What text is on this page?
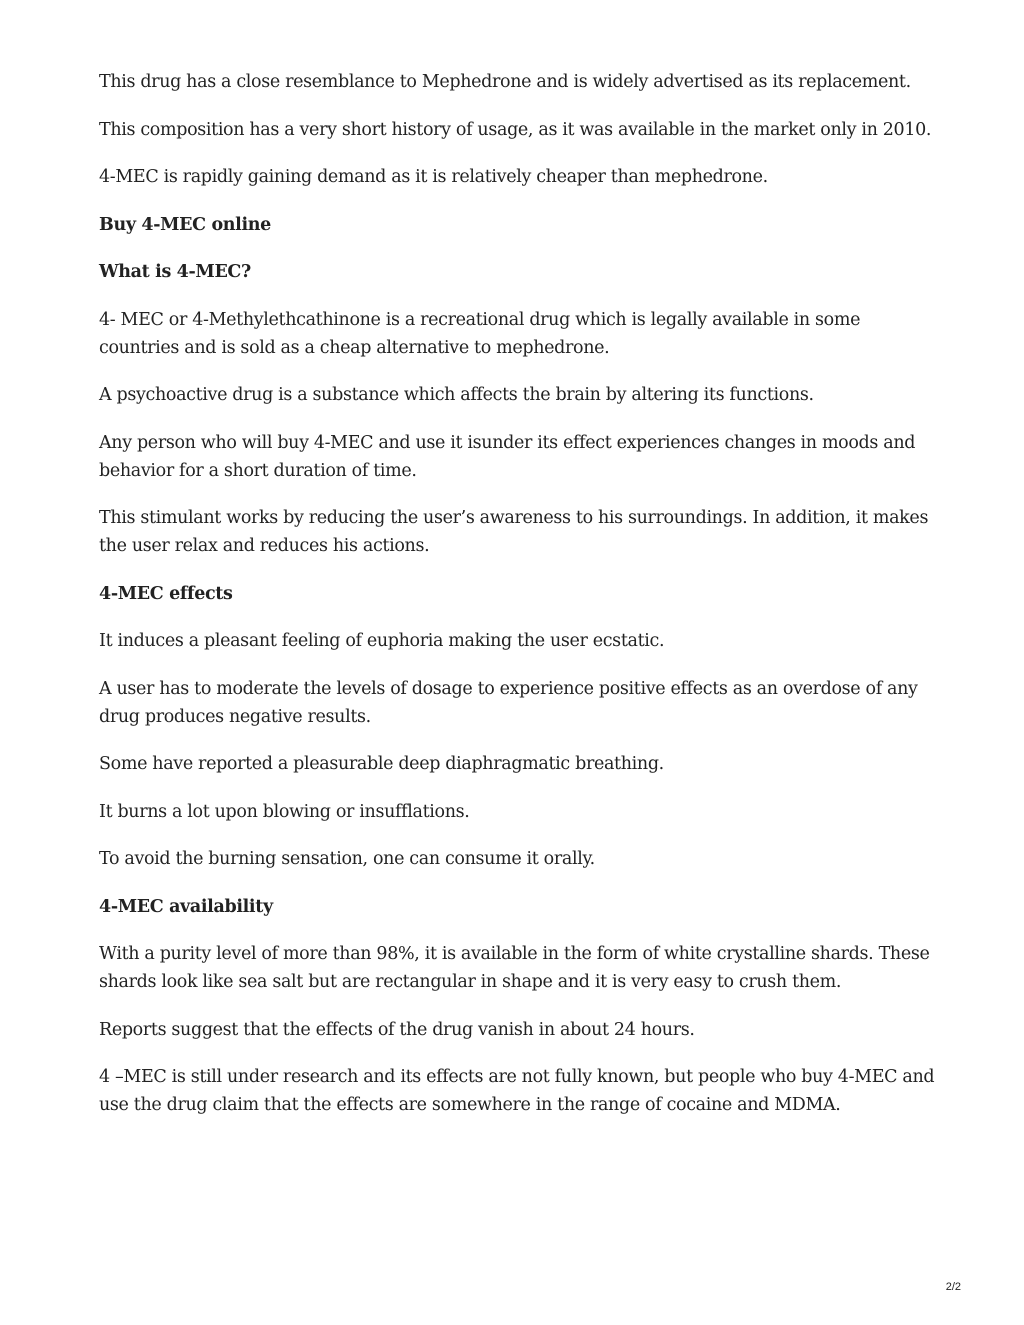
This drug has a close resemblance to Mephedrone and is widely advertised as its replacement.

This composition has a very short history of usage, as it was available in the market only in 2010.

4-MEC is rapidly gaining demand as it is relatively cheaper than mephedrone.

Buy 4-MEC online

What is 4-MEC?

4- MEC or 4-Methylethcathinone is a recreational drug which is legally available in some countries and is sold as a cheap alternative to mephedrone.

A psychoactive drug is a substance which affects the brain by altering its functions.

Any person who will buy 4-MEC and use it isunder its effect experiences changes in moods and behavior for a short duration of time.

This stimulant works by reducing the user’s awareness to his surroundings. In addition, it makes the user relax and reduces his actions.

4-MEC effects

It induces a pleasant feeling of euphoria making the user ecstatic.

A user has to moderate the levels of dosage to experience positive effects as an overdose of any drug produces negative results.

Some have reported a pleasurable deep diaphragmatic breathing.

It burns a lot upon blowing or insufflations.

To avoid the burning sensation, one can consume it orally.

4-MEC availability

With a purity level of more than 98%, it is available in the form of white crystalline shards. These shards look like sea salt but are rectangular in shape and it is very easy to crush them.

Reports suggest that the effects of the drug vanish in about 24 hours.

4 –MEC is still under research and its effects are not fully known, but people who buy 4-MEC and use the drug claim that the effects are somewhere in the range of cocaine and MDMA.

2/2
